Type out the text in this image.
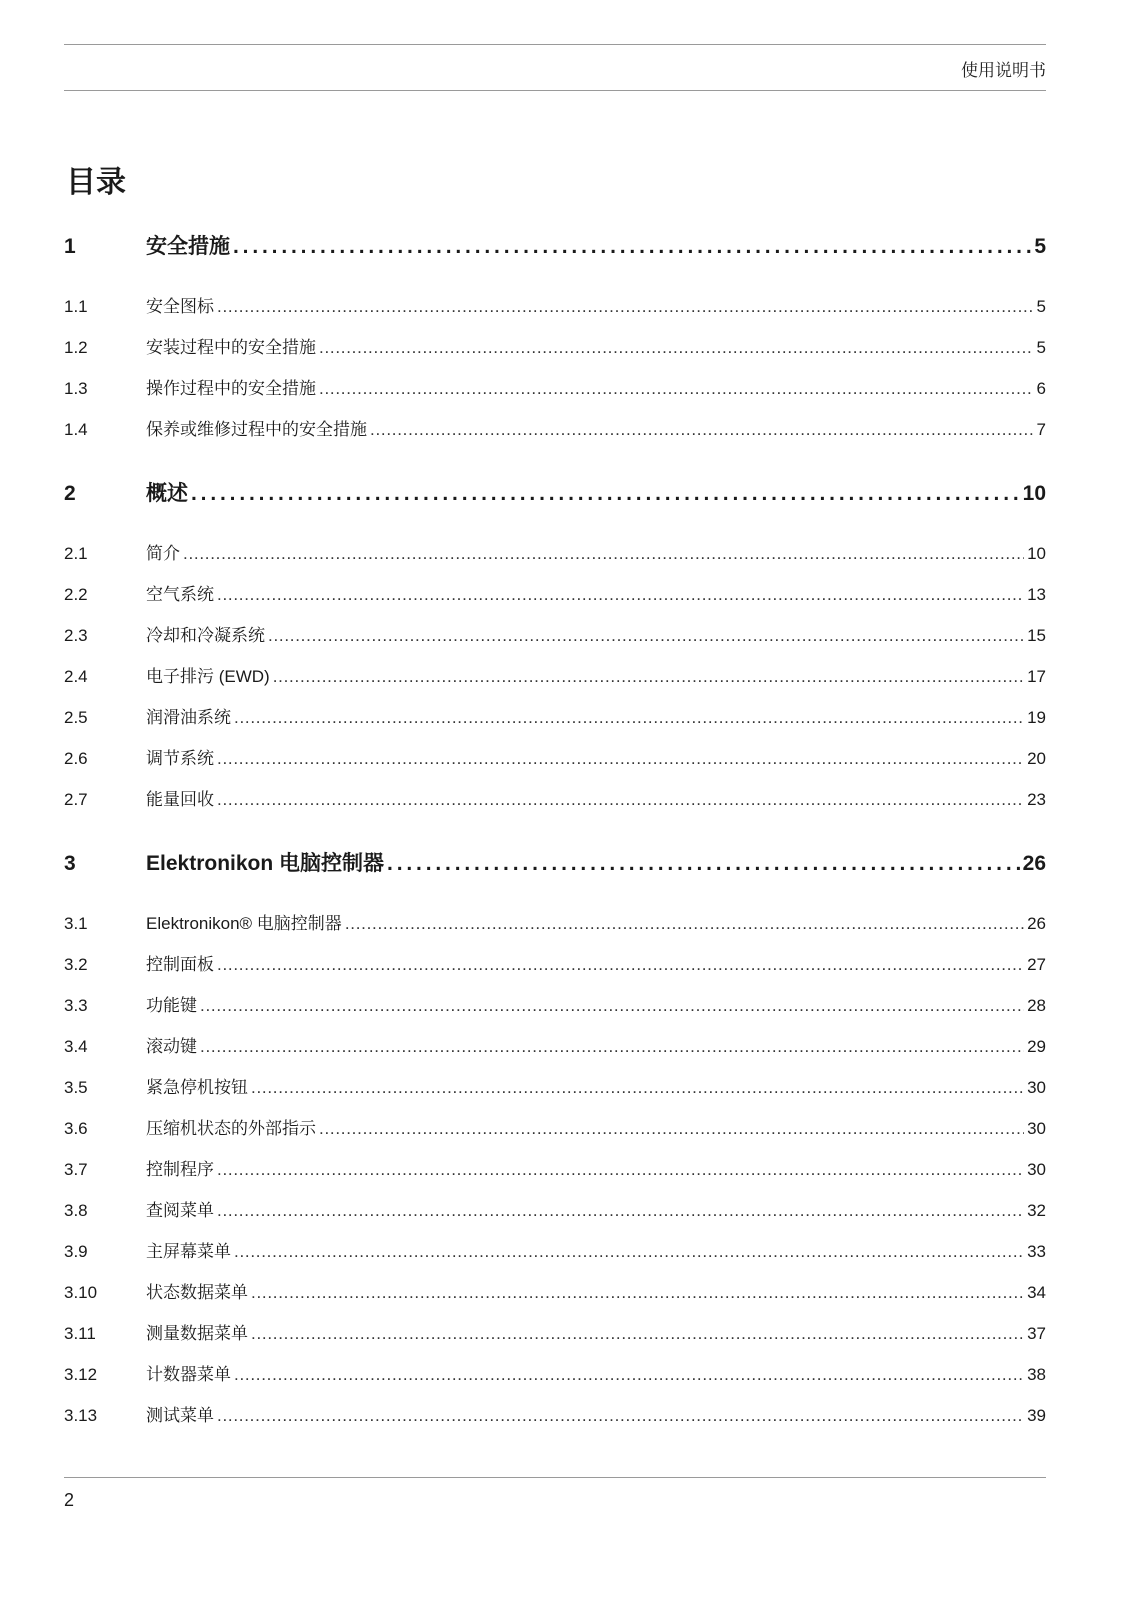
使用说明书
目录
1	安全措施 . . .	5
1.1	安全图标 . . .	5
1.2	安装过程中的安全措施 . . .	5
1.3	操作过程中的安全措施 . . .	6
1.4	保养或维修过程中的安全措施 . . .	7
2	概述 . . .	10
2.1	简介 . . .	10
2.2	空气系统 . . .	13
2.3	冷却和冷凝系统 . . .	15
2.4	电子排污 (EWD) . . .	17
2.5	润滑油系统 . . .	19
2.6	调节系统 . . .	20
2.7	能量回收 . . .	23
3	Elektronikon 电脑控制器 . . .	26
3.1	Elektronikon® 电脑控制器 . . .	26
3.2	控制面板 . . .	27
3.3	功能键 . . .	28
3.4	滚动键 . . .	29
3.5	紧急停机按钮 . . .	30
3.6	压缩机状态的外部指示 . . .	30
3.7	控制程序 . . .	30
3.8	查阅菜单 . . .	32
3.9	主屏幕菜单 . . .	33
3.10	状态数据菜单 . . .	34
3.11	测量数据菜单 . . .	37
3.12	计数器菜单 . . .	38
3.13	测试菜单 . . .	39
2
